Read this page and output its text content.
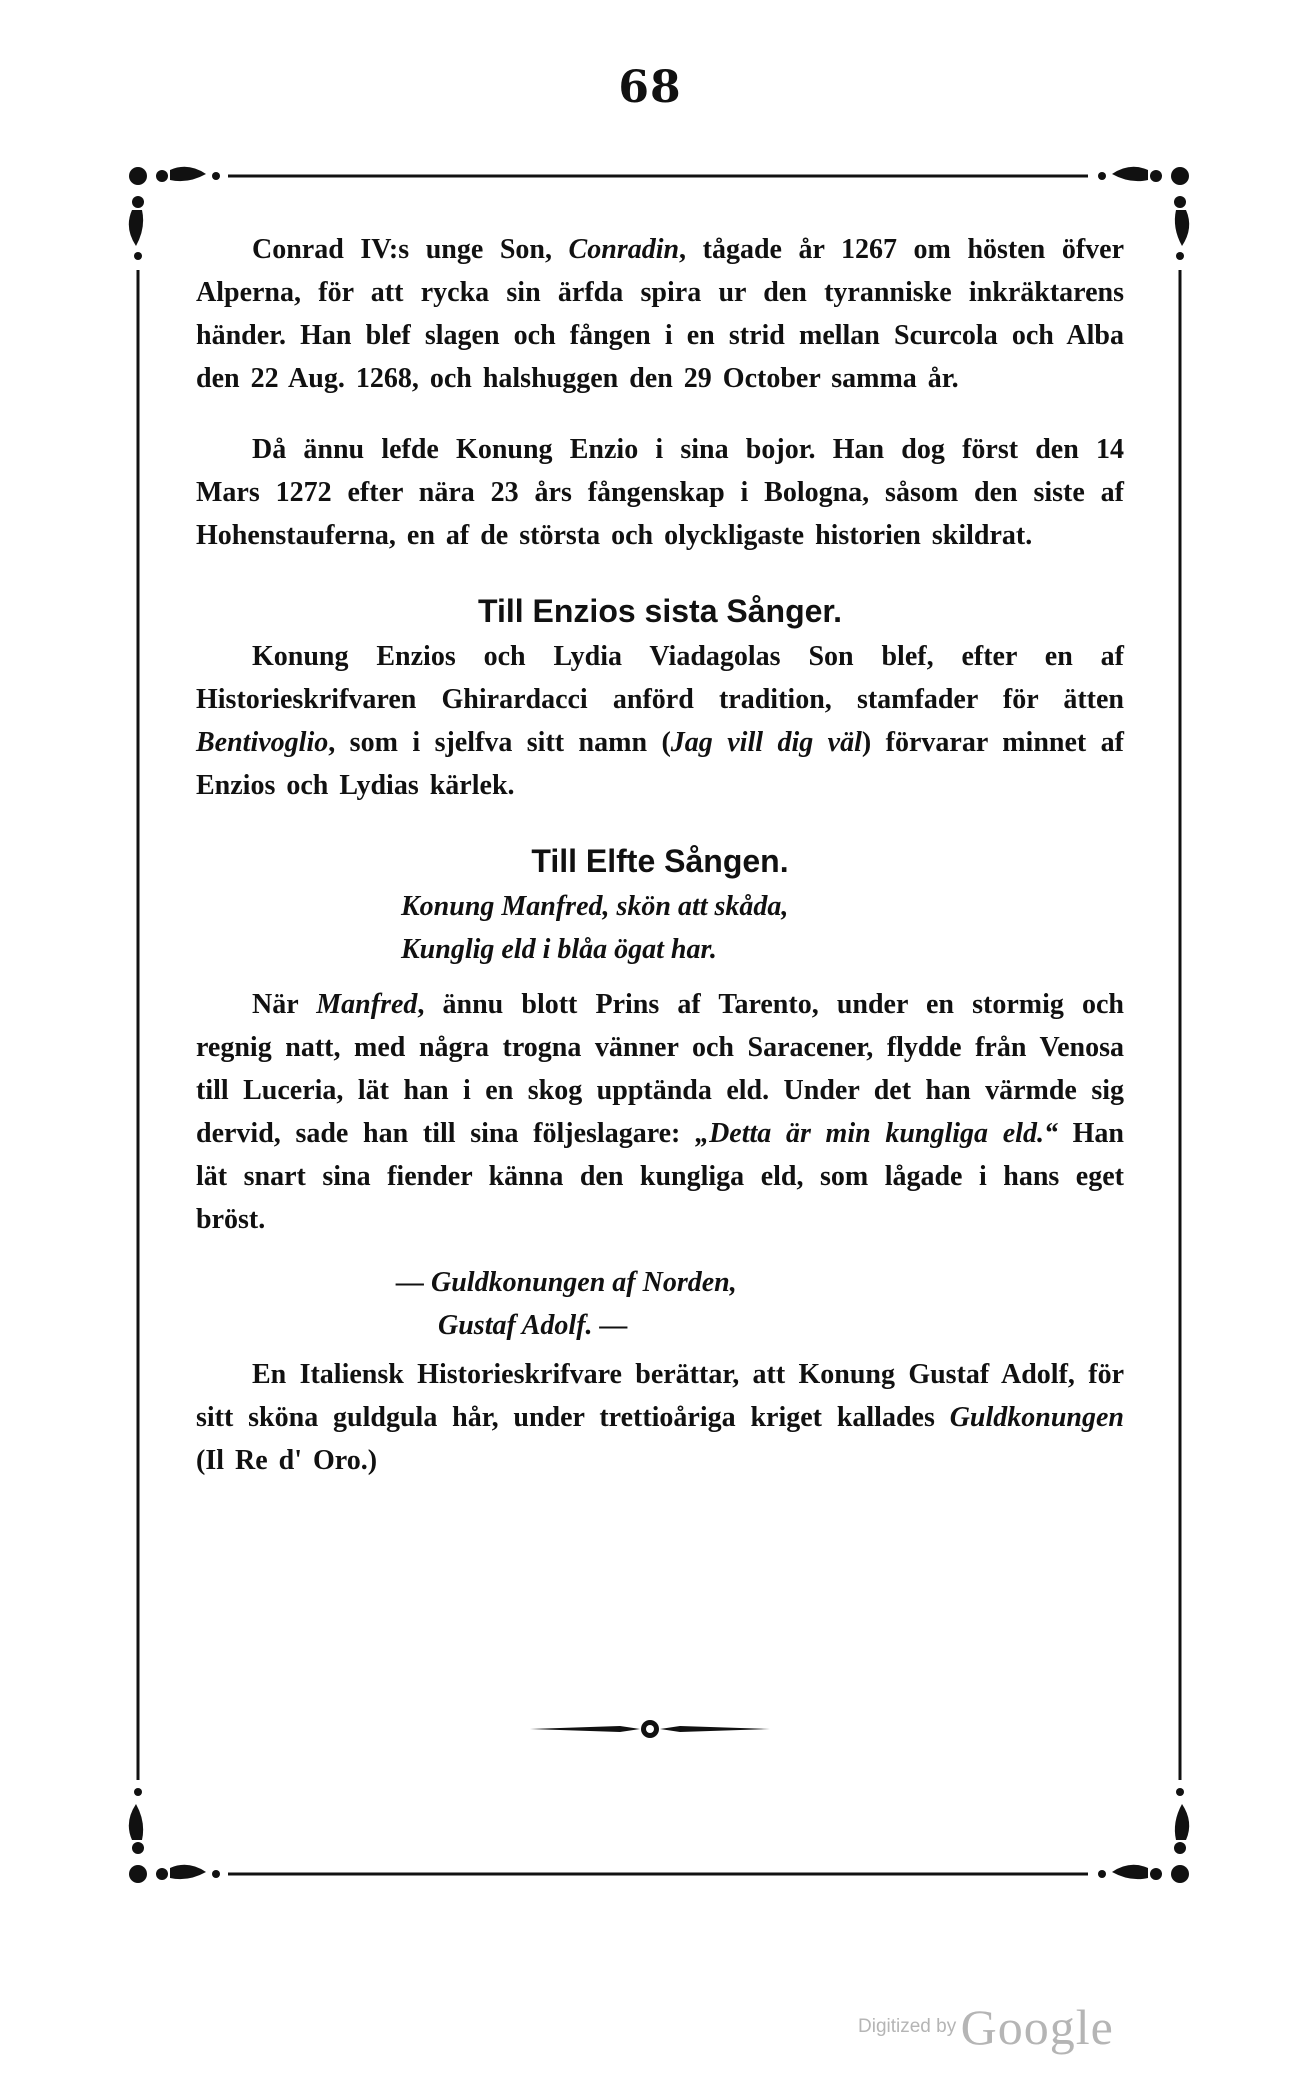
68

Conrad IV:s unge Son, Conradin, tågade år 1267 om hösten öfver Alperna, för att rycka sin ärfda spira ur den tyranniske inkräktarens händer. Han blef slagen och fången i en strid mellan Scurcola och Alba den 22 Aug. 1268, och halshuggen den 29 October samma år.

Då ännu lefde Konung Enzio i sina bojor. Han dog först den 14 Mars 1272 efter nära 23 års fångenskap i Bologna, såsom den siste af Hohenstauferna, en af de största och olyckligaste historien skildrat.

Till Enzios sista Sånger.

Konung Enzios och Lydia Viadagolas Son blef, efter en af Historieskrifvaren Ghirardacci anförd tradition, stamfader för ätten Bentivoglio, som i sjelfva sitt namn (Jag vill dig väl) förvarar minnet af Enzios och Lydias kärlek.

Till Elfte Sången.
Konung Manfred, skön att skåda,
Kunglig eld i blåa ögat har.

När Manfred, ännu blott Prins af Tarento, under en stormig och regnig natt, med några trogna vänner och Saracener, flydde från Venosa till Luceria, lät han i en skog upptända eld. Under det han värmde sig dervid, sade han till sina följeslagare: „Detta är min kungliga eld.“ Han lät snart sina fiender känna den kungliga eld, som lågade i hans eget bröst.

— Guldkonungen af Norden,
Gustaf Adolf. —

En Italiensk Historieskrifvare berättar, att Konung Gustaf Adolf, för sitt sköna guldgula hår, under trettioåriga kriget kallades Guldkonungen (Il Re d' Oro.)

Digitized by Google
